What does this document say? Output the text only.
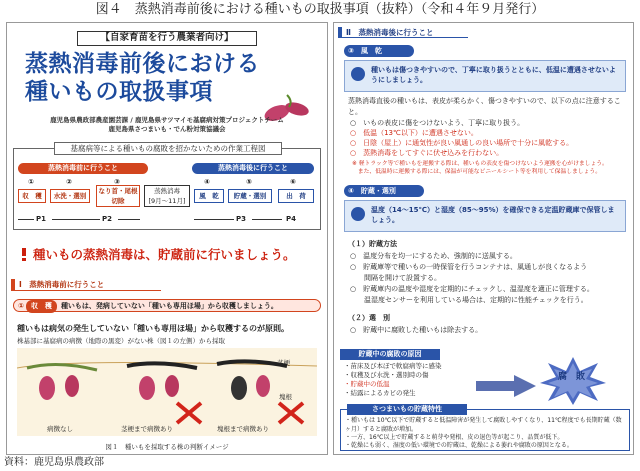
図４　蒸熱消毒前後における種いもの取扱事項（抜粋）（令和４年９月発行）
【自家育苗を行う農業者向け】
蒸熱消毒前後における
種いもの取扱事項
鹿児島県農政部農産園芸課 / 鹿児島県サツマイモ基腐病対策プロジェクトチーム
鹿児島県さつまいも・でん粉対策協議会
基腐病等による種いもの腐敗を招かないための作業工程図
蒸熱消毒前に行うこと	蒸熱消毒後に行うこと
①	②	③	④	⑤	⑥
収　穫	水洗・選別
なり首・尾根切除
蒸熱消毒
[9月～11月]
風　乾	貯蔵・選別	出　荷
P1	P2	P3	P4
種いもの蒸熱消毒は、貯蔵前に行いましょう。
Ⅰ　蒸熱消毒前に行うこと
① 収　穫 種いもは、発病していない「種いも専用ほ場」から収穫しましょう。
種いもは病気の発生していない「種いも専用ほ場」から収穫するのが原則。
株基部に基腐病の病徴（地際の黒変）がない株（図１の左側）から採取
病徴なし	茎梗まで病徴あり	塊根まで病徴あり
茎梗
塊根
図１　種いもを採取する株の判断イメージ
Ⅱ　蒸熱消毒後に行うこと
③　風　乾
種いもは傷つきやすいので、丁寧に取り扱うとともに、低温に遭遇させないようにしましょう。
蒸熱消毒直後の種いもは、表皮が柔らかく、傷つきやすいので、以下の点に注意すること。
○　いもの表皮に傷をつけないよう、丁寧に取り扱う。
○　低温（13℃以下）に遭遇させない。
○　日陰（屋上）に通気性が良い風通しの良い場所で十分に風乾する。
○　蒸熱消毒をしてすぐに伏せ込みを行わない。
※ 軽トラック等で種いもを運搬する際は、種いもの表皮を傷つけないよう運搬を心がけましょう。
　また、低温時に運搬する際には、保温が可能なビニールシート等を利用して保温しましょう。
④　貯蔵・選別
温度（14～15℃）と湿度（85～95%）を確保できる定温貯蔵庫で保管しましょう。
（１）貯蔵方法
○　温度分布を均一にするため、強制的に送風する。
○　貯蔵庫等で種いもの一時保管を行うコンテナは、風通しが良くなるよう
　　間隔を開けて設置する。
○　貯蔵庫内の温度や湿度を定期的にチェックし、温湿度を適正に管理する。
　　温湿度センサーを利用している場合は、定期的に性能チェックを行う。
（２）選　別
○　貯蔵中に腐敗した種いもは除去する。
貯蔵中の腐敗の原因
・苗床及び本ぼで軟腐病等に感染
・収穫及び水洗・選別時の傷
・貯蔵中の低温
・結露によるカビの発生
腐　敗
さつまいもの貯蔵特性
・種いもは 10℃以下で貯蔵すると低温障害が発生して腐敗しやすくなり、11℃程度でも長期貯蔵（数ヶ月）すると腐敗が増加。
・一方、16℃以上で貯蔵すると萌芽や発根、皮の退色等が起こり、品質が低下。
・乾燥にも弱く、湿度の低い環境での貯蔵は、乾燥による萎れや腐敗の原因となる。
資料：鹿児島県農政部
